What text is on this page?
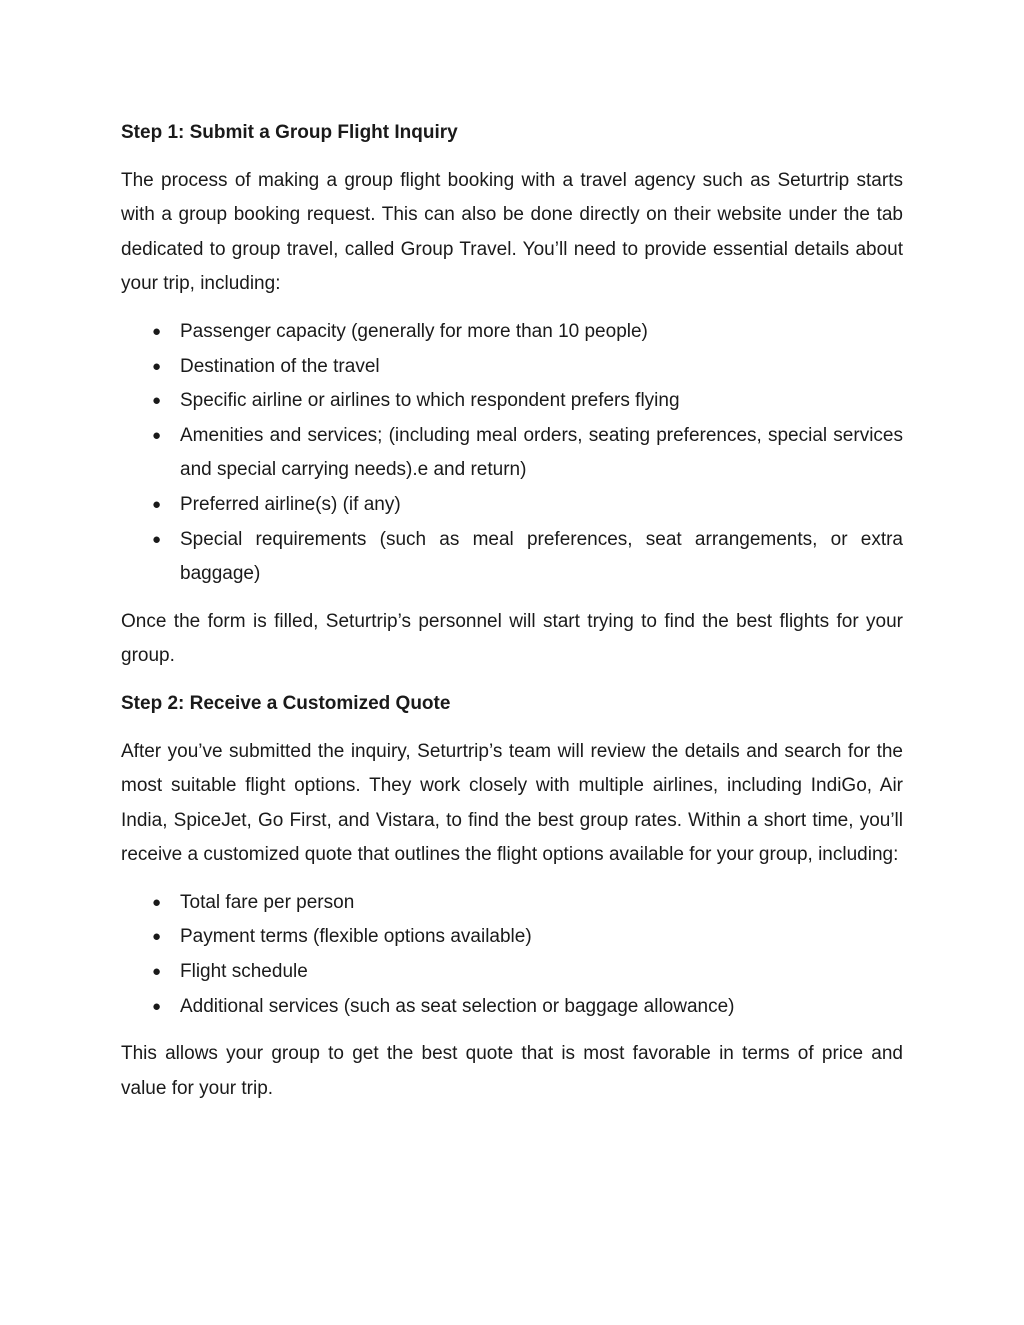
Step 1: Submit a Group Flight Inquiry

The process of making a group flight booking with a travel agency such as Seturtrip starts with a group booking request. This can also be done directly on their website under the tab dedicated to group travel, called Group Travel. You’ll need to provide essential details about your trip, including:

● Passenger capacity (generally for more than 10 people)
● Destination of the travel
● Specific airline or airlines to which respondent prefers flying
● Amenities and services; (including meal orders, seating preferences, special services and special carrying needs).e and return)
● Preferred airline(s) (if any)
● Special requirements (such as meal preferences, seat arrangements, or extra baggage)

Once the form is filled, Seturtrip’s personnel will start trying to find the best flights for your group.

Step 2: Receive a Customized Quote

After you’ve submitted the inquiry, Seturtrip’s team will review the details and search for the most suitable flight options. They work closely with multiple airlines, including IndiGo, Air India, SpiceJet, Go First, and Vistara, to find the best group rates. Within a short time, you’ll receive a customized quote that outlines the flight options available for your group, including:

● Total fare per person
● Payment terms (flexible options available)
● Flight schedule
● Additional services (such as seat selection or baggage allowance)

This allows your group to get the best quote that is most favorable in terms of price and value for your trip.
